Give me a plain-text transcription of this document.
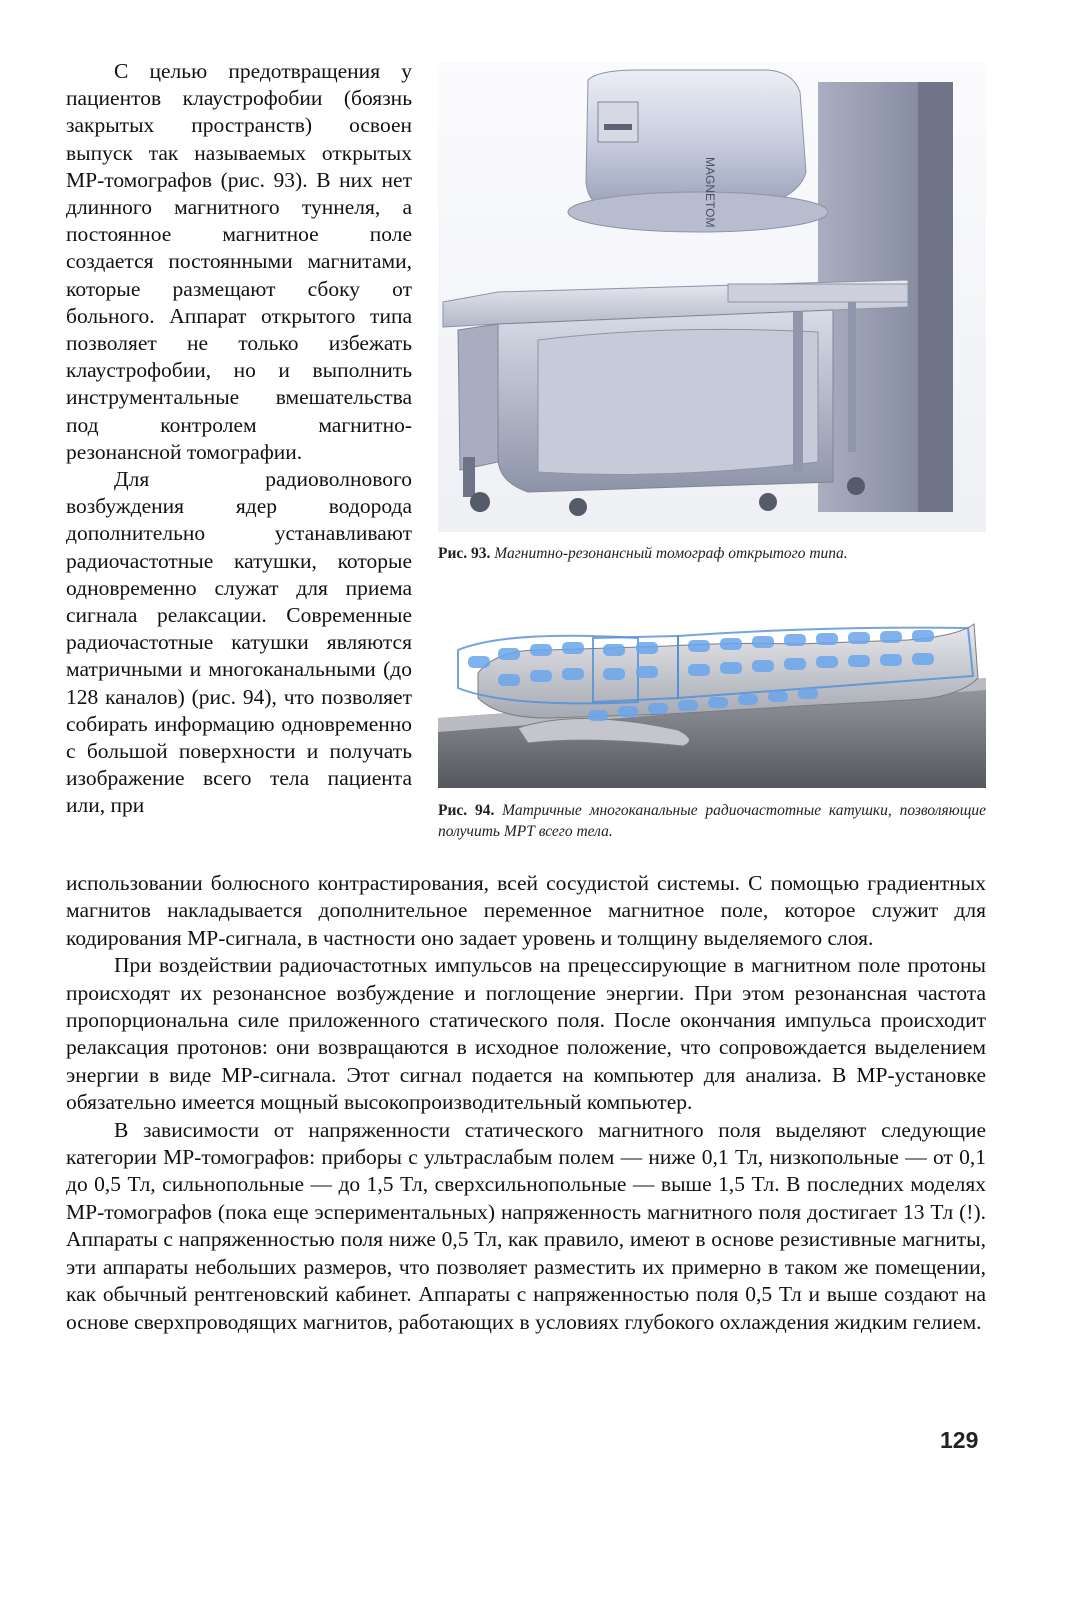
С целью предотвращения у пациентов клаустрофобии (боязнь закрытых пространств) освоен выпуск так называемых открытых МР-томографов (рис. 93). В них нет длинного магнитного туннеля, а постоянное магнитное поле создается постоянными магнитами, которые размещают сбоку от больного. Аппарат открытого типа позволяет не только избежать клаустрофобии, но и выполнить инструментальные вмешательства под контролем магнитно-резонансной томографии.

Для радиоволнового возбуждения ядер водорода дополнительно устанавливают радиочастотные катушки, которые одновременно служат для приема сигнала релаксации. Современные радиочастотные катушки являются матричными и многоканальными (до 128 каналов) (рис. 94), что позволяет собирать информацию одновременно с большой поверхности и получать изображение всего тела пациента или, при

MAGNETOM
Рис. 93. Магнитно-резонансный томограф открытого типа.
Рис. 94. Матричные многоканальные радиочастотные катушки, позволяющие получить МРТ всего тела.

использовании болюсного контрастирования, всей сосудистой системы. С помощью градиентных магнитов накладывается дополнительное переменное магнитное поле, которое служит для кодирования МР-сигнала, в частности оно задает уровень и толщину выделяемого слоя.

При воздействии радиочастотных импульсов на прецессирующие в магнитном поле протоны происходят их резонансное возбуждение и поглощение энергии. При этом резонансная частота пропорциональна силе приложенного статического поля. После окончания импульса происходит релаксация протонов: они возвращаются в исходное положение, что сопровождается выделением энергии в виде МР-сигнала. Этот сигнал подается на компьютер для анализа. В МР-установке обязательно имеется мощный высокопроизводительный компьютер.

В зависимости от напряженности статического магнитного поля выделяют следующие категории МР-томографов: приборы с ультраслабым полем — ниже 0,1 Тл, низкопольные — от 0,1 до 0,5 Тл, сильнопольные — до 1,5 Тл, сверхсильнопольные — выше 1,5 Тл. В последних моделях МР-томографов (пока еще эспериментальных) напряженность магнитного поля достигает 13 Тл (!). Аппараты с напряженностью поля ниже 0,5 Тл, как правило, имеют в основе резистивные магниты, эти аппараты небольших размеров, что позволяет разместить их примерно в таком же помещении, как обычный рентгеновский кабинет. Аппараты с напряженностью поля 0,5 Тл и выше создают на основе сверхпроводящих магнитов, работающих в условиях глубокого охлаждения жидким гелием.

129
